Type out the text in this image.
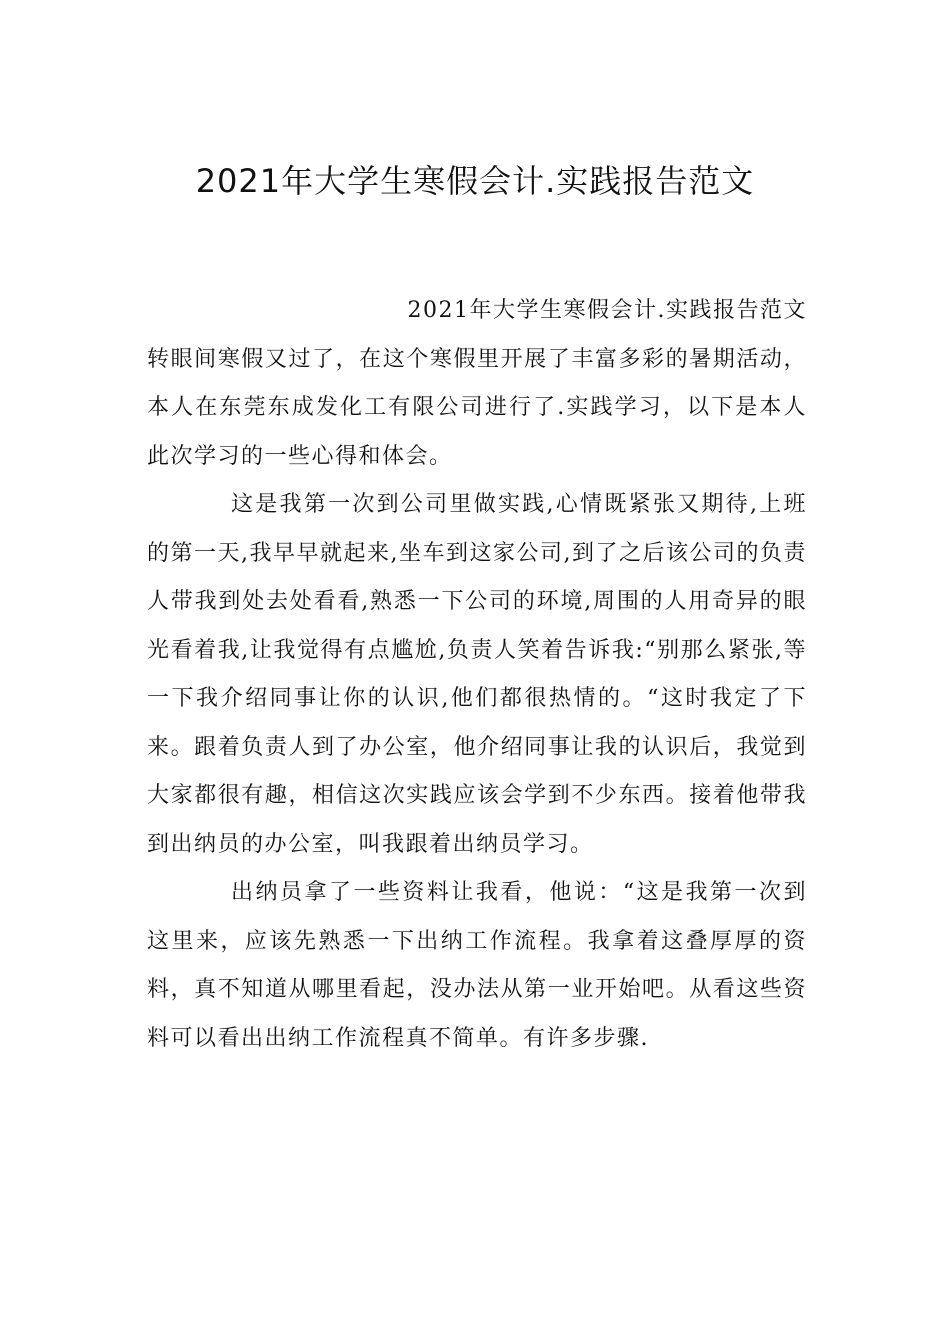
2021年大学生寒假会计.实践报告范文

2021年大学生寒假会计.实践报告范文

转眼间寒假又过了，在这个寒假里开展了丰富多彩的暑期活动，本人在东莞东成发化工有限公司进行了.实践学习，以下是本人此次学习的一些心得和体会。

这是我第一次到公司里做实践,心情既紧张又期待,上班的第一天,我早早就起来,坐车到这家公司,到了之后该公司的负责人带我到处去处看看,熟悉一下公司的环境,周围的人用奇异的眼光看着我,让我觉得有点尴尬,负责人笑着告诉我:“别那么紧张,等一下我介绍同事让你的认识,他们都很热情的。“这时我定了下来。跟着负责人到了办公室，他介绍同事让我的认识后，我觉到大家都很有趣，相信这次实践应该会学到不少东西。接着他带我到出纳员的办公室，叫我跟着出纳员学习。

出纳员拿了一些资料让我看，他说：“这是我第一次到这里来，应该先熟悉一下出纳工作流程。我拿着这叠厚厚的资料，真不知道从哪里看起，没办法从第一业开始吧。从看这些资料可以看出出纳工作流程真不简单。有许多步骤.
